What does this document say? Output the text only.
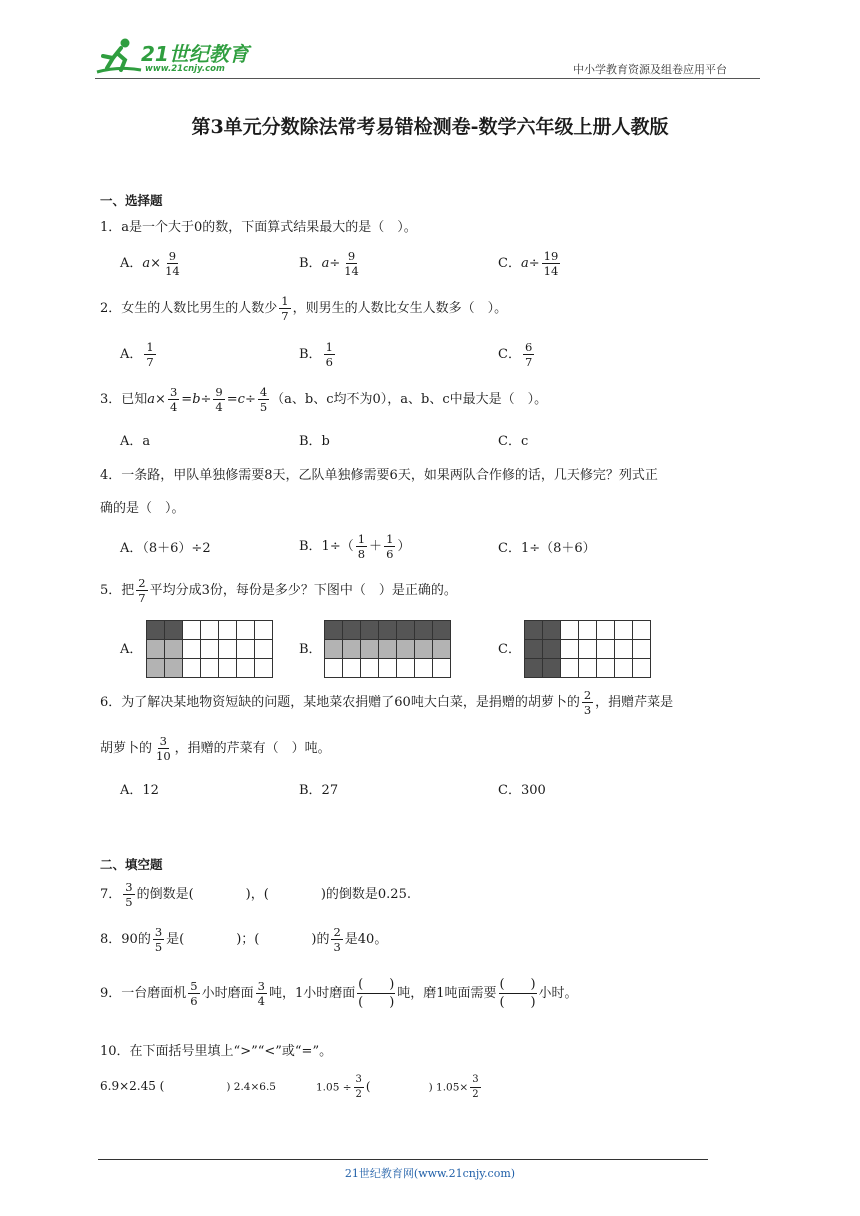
21世纪教育
www.21cnjy.com	中小学教育资源及组卷应用平台
第3单元分数除法常考易错检测卷-数学六年级上册人教版
一、选择题
1．a是一个大于0的数，下面算式结果最大的是（　）。
A．$a\times \frac{9}{14}$	B．$a\div \frac{9}{14}$	C．$a\div \frac{19}{14}$
2．女生的人数比男生的人数少 $\frac{1}{7}$ ，则男生的人数比女生人数多（　）。
A． $\frac{1}{7}$	B． $\frac{1}{6}$	C． $\frac{6}{7}$
3．已知$a\times \frac{3}{4} =b\div \frac{9}{4} =c\div \frac{4}{5} (a$、b、c均不为0），a、b、c中最大是（　）。
A．a	B．b	C．c
4．一条路，甲队单独修需要8天，乙队单独修需要6天，如果两队合作修的话，几天修完？列式正
确的是（　）。
A．（8＋6）÷2	B．$1\div( \frac{1}{8} + \frac{1}{6}$ ）	C．1÷（8＋6）
5．把 $\frac{2}{7}$ 平均分成3份，每份是多少？下图中（　）是正确的。
A．	B．	C．
6．为了解决某地物资短缺的问题，某地菜农捐赠了60吨大白菜，是捐赠的胡萝卜的 $\frac{2}{3}$ ，捐赠芹菜是
胡萝卜的 $\frac{3}{10}$ ，捐赠的芹菜有（　）吨。
A．12	B．27	C．300
二、填空题
7． $\frac{3}{5}$ 的倒数是(　　　　)，(　　　　)的倒数是0.25.
8．90的 $\frac{3}{5}$ 是(　　　　)；(　　　　)的 $\frac{2}{3}$ 是40。
9．一台磨面机 $\frac{5}{6}$ 小时磨面 $\frac{3}{4}$ 吨，1小时磨面 $\frac{( )}{( )}$ 吨，磨1吨面需要 $\frac{( )}{( )}$ 小时。
10．在下面括号里填上“>”“<”或“=”。
6.9×2.45 (	) 2.4×6.5	$1.05 \div \frac{3}{2}$ (	) $1.05\times \frac{3}{2}$
21世纪教育网(www.21cnjy.com)
